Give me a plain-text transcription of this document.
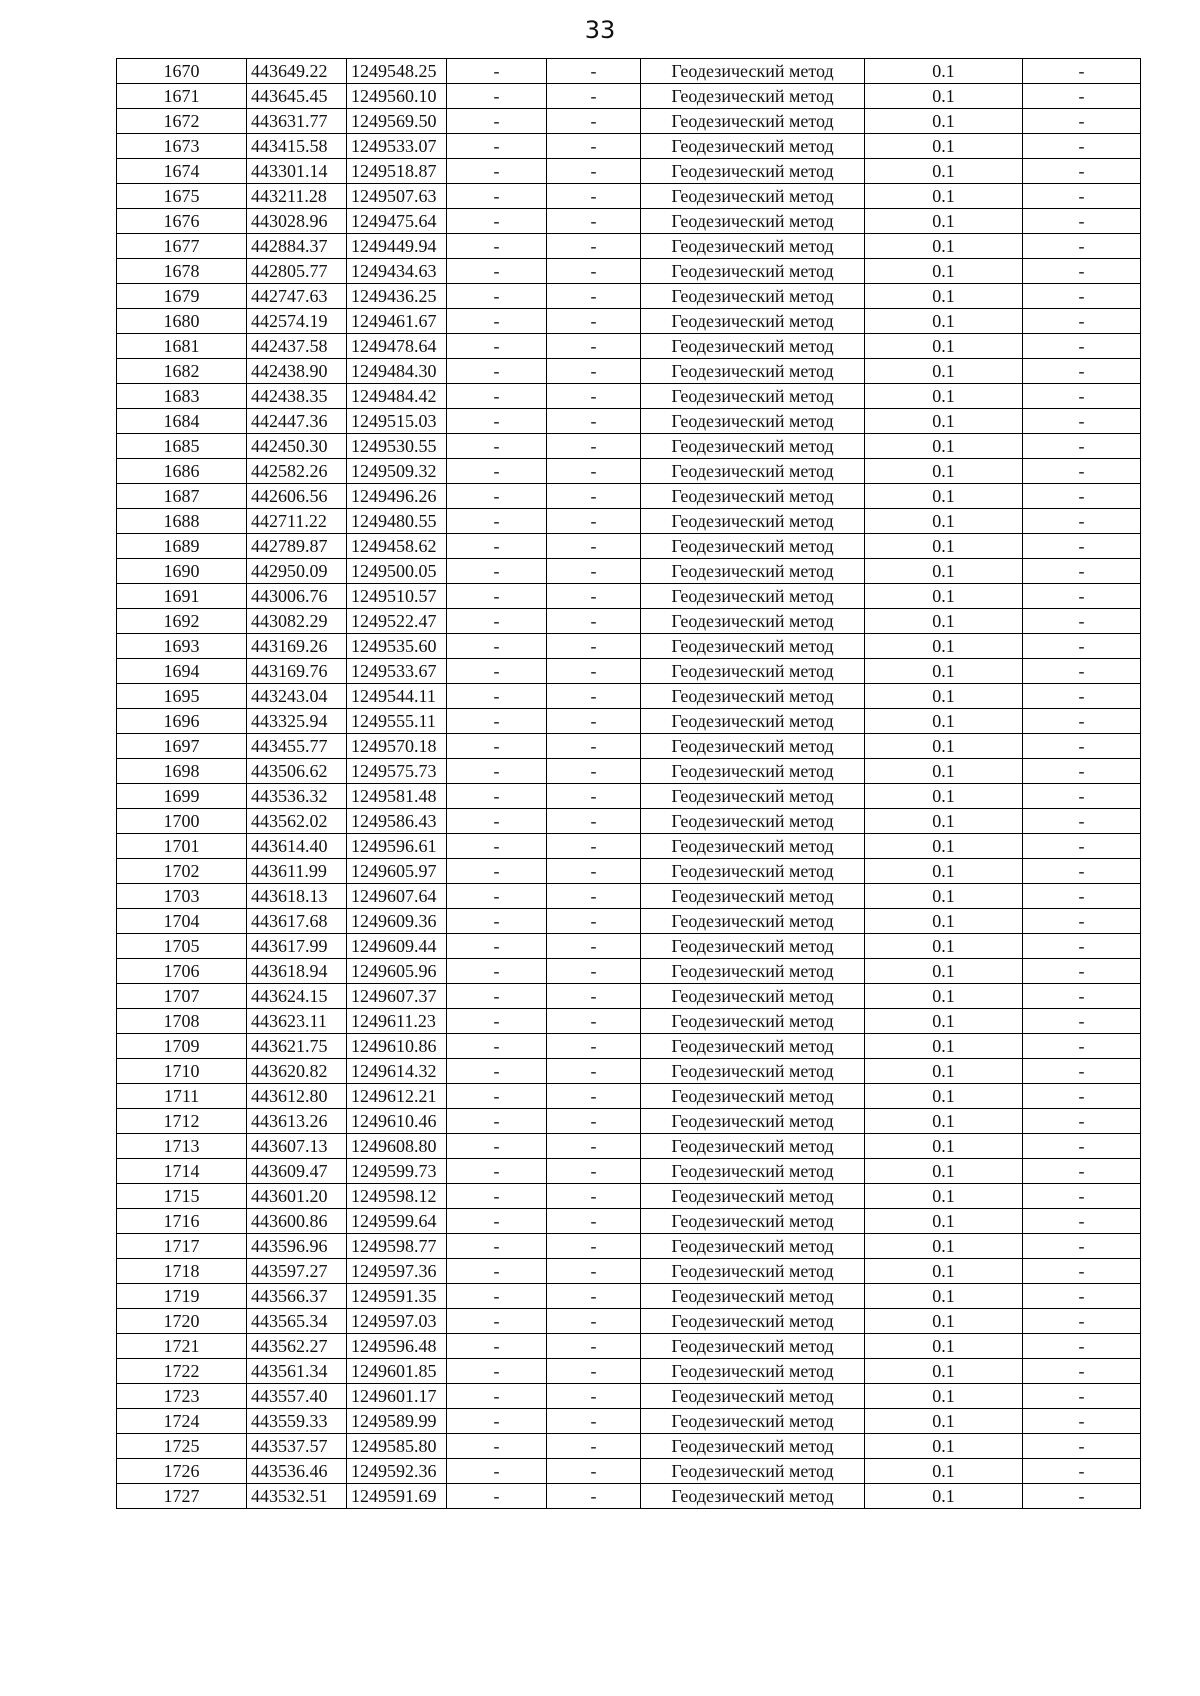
33
1670	443649.22	1249548.25	-	-	Геодезический метод	0.1	-
1671	443645.45	1249560.10	-	-	Геодезический метод	0.1	-
1672	443631.77	1249569.50	-	-	Геодезический метод	0.1	-
1673	443415.58	1249533.07	-	-	Геодезический метод	0.1	-
1674	443301.14	1249518.87	-	-	Геодезический метод	0.1	-
1675	443211.28	1249507.63	-	-	Геодезический метод	0.1	-
1676	443028.96	1249475.64	-	-	Геодезический метод	0.1	-
1677	442884.37	1249449.94	-	-	Геодезический метод	0.1	-
1678	442805.77	1249434.63	-	-	Геодезический метод	0.1	-
1679	442747.63	1249436.25	-	-	Геодезический метод	0.1	-
1680	442574.19	1249461.67	-	-	Геодезический метод	0.1	-
1681	442437.58	1249478.64	-	-	Геодезический метод	0.1	-
1682	442438.90	1249484.30	-	-	Геодезический метод	0.1	-
1683	442438.35	1249484.42	-	-	Геодезический метод	0.1	-
1684	442447.36	1249515.03	-	-	Геодезический метод	0.1	-
1685	442450.30	1249530.55	-	-	Геодезический метод	0.1	-
1686	442582.26	1249509.32	-	-	Геодезический метод	0.1	-
1687	442606.56	1249496.26	-	-	Геодезический метод	0.1	-
1688	442711.22	1249480.55	-	-	Геодезический метод	0.1	-
1689	442789.87	1249458.62	-	-	Геодезический метод	0.1	-
1690	442950.09	1249500.05	-	-	Геодезический метод	0.1	-
1691	443006.76	1249510.57	-	-	Геодезический метод	0.1	-
1692	443082.29	1249522.47	-	-	Геодезический метод	0.1	-
1693	443169.26	1249535.60	-	-	Геодезический метод	0.1	-
1694	443169.76	1249533.67	-	-	Геодезический метод	0.1	-
1695	443243.04	1249544.11	-	-	Геодезический метод	0.1	-
1696	443325.94	1249555.11	-	-	Геодезический метод	0.1	-
1697	443455.77	1249570.18	-	-	Геодезический метод	0.1	-
1698	443506.62	1249575.73	-	-	Геодезический метод	0.1	-
1699	443536.32	1249581.48	-	-	Геодезический метод	0.1	-
1700	443562.02	1249586.43	-	-	Геодезический метод	0.1	-
1701	443614.40	1249596.61	-	-	Геодезический метод	0.1	-
1702	443611.99	1249605.97	-	-	Геодезический метод	0.1	-
1703	443618.13	1249607.64	-	-	Геодезический метод	0.1	-
1704	443617.68	1249609.36	-	-	Геодезический метод	0.1	-
1705	443617.99	1249609.44	-	-	Геодезический метод	0.1	-
1706	443618.94	1249605.96	-	-	Геодезический метод	0.1	-
1707	443624.15	1249607.37	-	-	Геодезический метод	0.1	-
1708	443623.11	1249611.23	-	-	Геодезический метод	0.1	-
1709	443621.75	1249610.86	-	-	Геодезический метод	0.1	-
1710	443620.82	1249614.32	-	-	Геодезический метод	0.1	-
1711	443612.80	1249612.21	-	-	Геодезический метод	0.1	-
1712	443613.26	1249610.46	-	-	Геодезический метод	0.1	-
1713	443607.13	1249608.80	-	-	Геодезический метод	0.1	-
1714	443609.47	1249599.73	-	-	Геодезический метод	0.1	-
1715	443601.20	1249598.12	-	-	Геодезический метод	0.1	-
1716	443600.86	1249599.64	-	-	Геодезический метод	0.1	-
1717	443596.96	1249598.77	-	-	Геодезический метод	0.1	-
1718	443597.27	1249597.36	-	-	Геодезический метод	0.1	-
1719	443566.37	1249591.35	-	-	Геодезический метод	0.1	-
1720	443565.34	1249597.03	-	-	Геодезический метод	0.1	-
1721	443562.27	1249596.48	-	-	Геодезический метод	0.1	-
1722	443561.34	1249601.85	-	-	Геодезический метод	0.1	-
1723	443557.40	1249601.17	-	-	Геодезический метод	0.1	-
1724	443559.33	1249589.99	-	-	Геодезический метод	0.1	-
1725	443537.57	1249585.80	-	-	Геодезический метод	0.1	-
1726	443536.46	1249592.36	-	-	Геодезический метод	0.1	-
1727	443532.51	1249591.69	-	-	Геодезический метод	0.1	-
